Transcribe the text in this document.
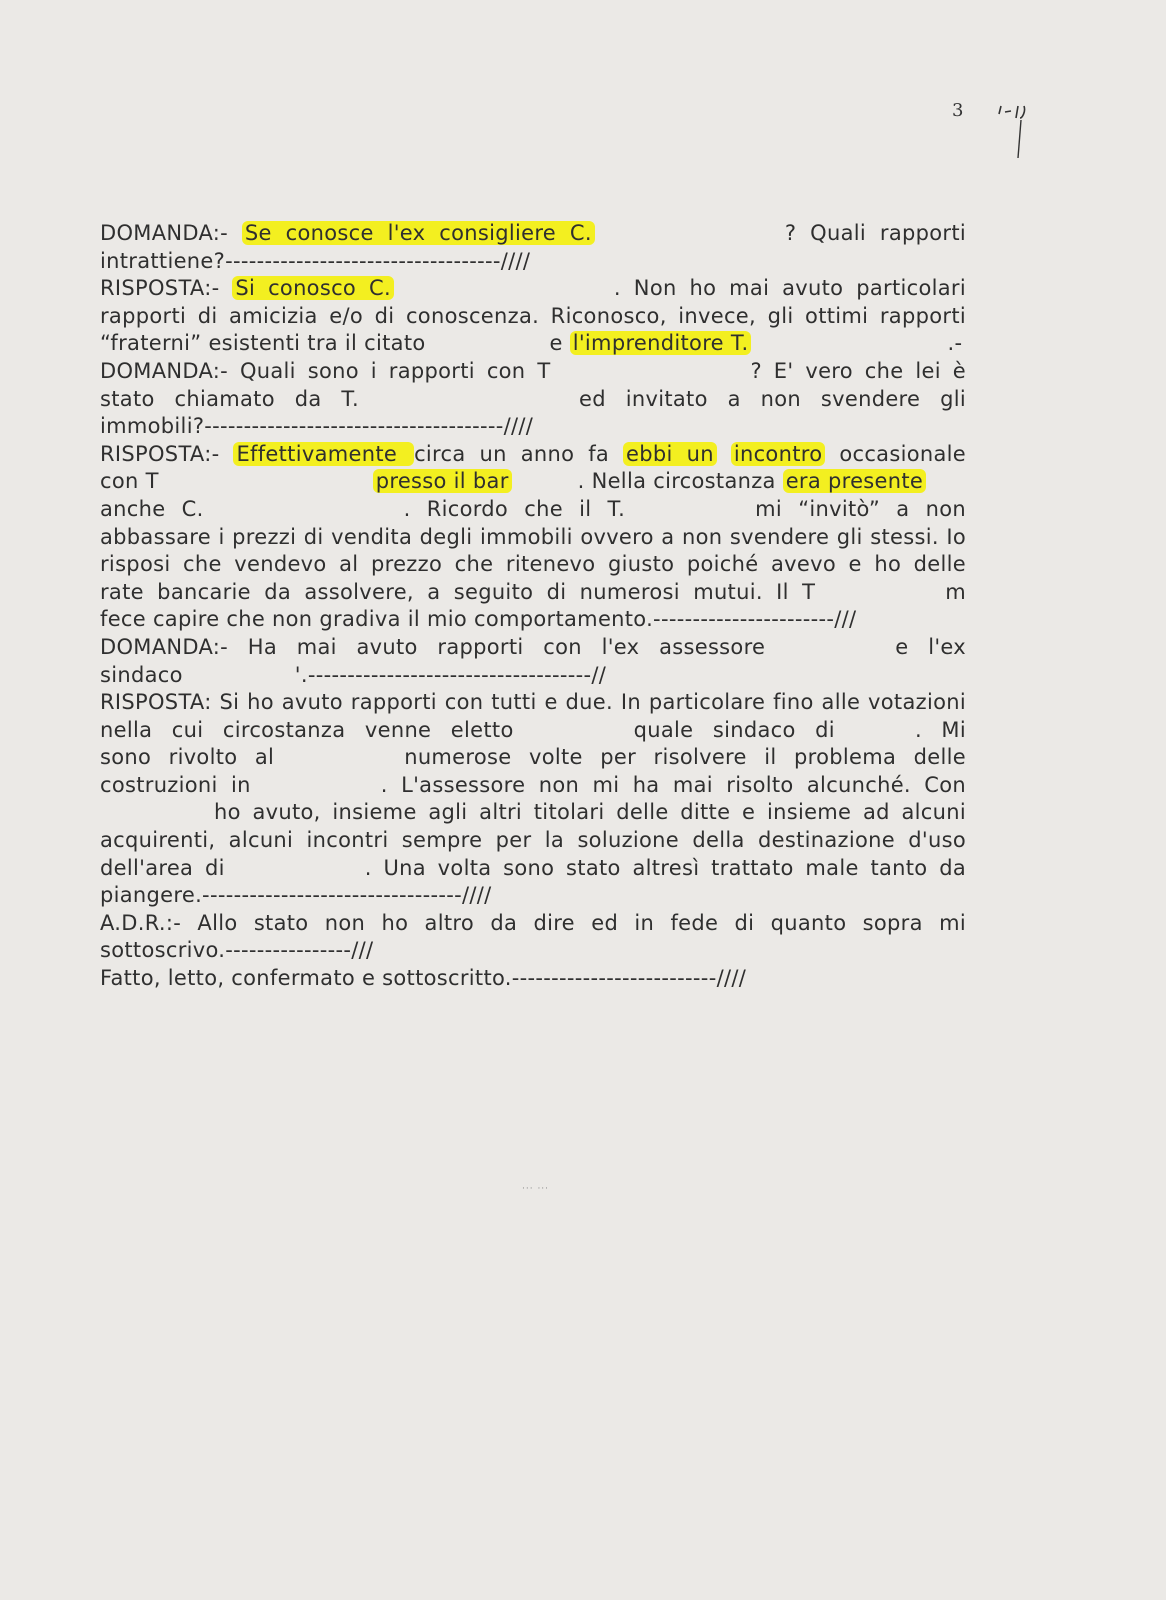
3
DOMANDA:- Se conosce l'ex consigliere C.	? Quali rapporti
intrattiene?-----------------------------------////
RISPOSTA:- Si conosco C.	. Non ho mai avuto particolari
rapporti di amicizia e/o di conoscenza. Riconosco, invece, gli ottimi rapporti
“fraterni” esistenti tra il citato	e l'imprenditore T.	.-
DOMANDA:- Quali sono i rapporti con T	? E' vero che lei è
stato chiamato da T.	ed invitato a non svendere gli
immobili?--------------------------------------////
RISPOSTA:- Effettivamente circa un anno fa ebbi un incontro occasionale
con T	presso il bar	. Nella circostanza era presente
anche C.	. Ricordo che il T.	mi “invitò” a non
abbassare i prezzi di vendita degli immobili ovvero a non svendere gli stessi. Io
risposi che vendevo al prezzo che ritenevo giusto poiché avevo e ho delle
rate bancarie da assolvere, a seguito di numerosi mutui. Il T	m
fece capire che non gradiva il mio comportamento.-----------------------///
DOMANDA:- Ha mai avuto rapporti con l'ex assessore	e l'ex
sindaco	'.------------------------------------//
RISPOSTA: Si ho avuto rapporti con tutti e due. In particolare fino alle votazioni
nella cui circostanza venne eletto	quale sindaco di	. Mi
sono rivolto al	numerose volte per risolvere il problema delle
costruzioni in	. L'assessore non mi ha mai risolto alcunché. Con
ho avuto, insieme agli altri titolari delle ditte e insieme ad alcuni
acquirenti, alcuni incontri sempre per la soluzione della destinazione d'uso
dell'area di	. Una volta sono stato altresì trattato male tanto da
piangere.---------------------------------////
A.D.R.:- Allo stato non ho altro da dire ed in fede di quanto sopra mi
sottoscrivo.----------------///
Fatto, letto, confermato e sottoscritto.--------------------------////
··· ···
